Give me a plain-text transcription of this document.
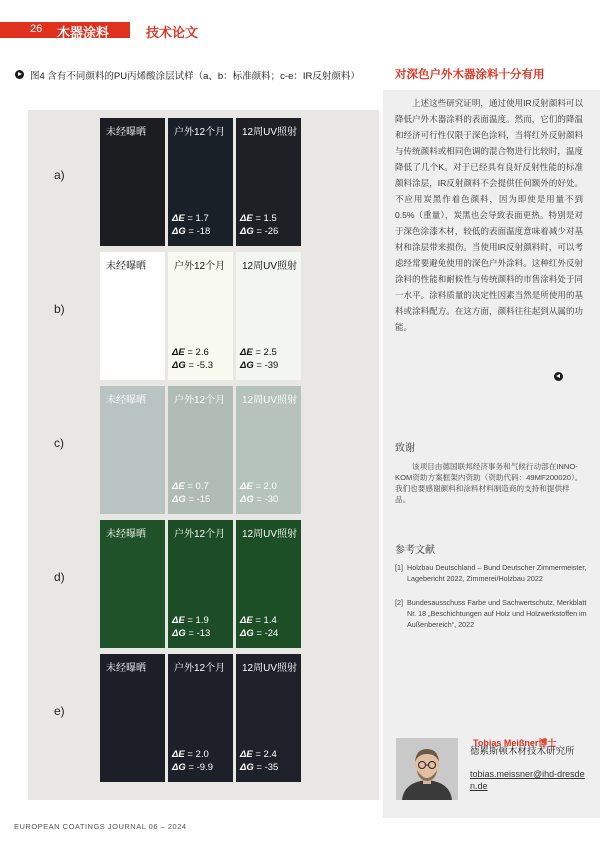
26 木器涂料	技术论文
图4 含有不同颜料的PU丙烯酸涂层试样（a、b：标准颜料；c-e：IR反射颜料）
a)
未经曝晒	户外12个月
ΔE = 1.7
ΔG = -18
12周UV照射
ΔE = 1.5
ΔG = -26
b)
未经曝晒	户外12个月
ΔE = 2.6
ΔG = -5.3
12周UV照射
ΔE = 2.5
ΔG = -39
c)
未经曝晒	户外12个月
ΔE = 0.7
ΔG = -15
12周UV照射
ΔE = 2.0
ΔG = -30
d)
未经曝晒	户外12个月
ΔE = 1.9
ΔG = -13
12周UV照射
ΔE = 1.4
ΔG = -24
e)
未经曝晒	户外12个月
ΔE = 2.0
ΔG = -9.9
12周UV照射
ΔE = 2.4
ΔG = -35
对深色户外木器涂料十分有用
上述这些研究证明，通过使用IR反射颜料可以降低户外木器涂料的表面温度。然而，它们的降温和经济可行性仅限于深色涂料，当将红外反射颜料与传统颜料或相同色调的混合物进行比较时，温度降低了几个K。对于已经具有良好反射性能的标准颜料涂层，IR反射颜料不会提供任何额外的好处。不应用炭黑作着色颜料，因为即使是用量不到0.5%（重量），炭黑也会导致表面更热。特别是对于深色涂漆木材，较低的表面温度意味着减少对基材和涂层带来损伤。当使用IR反射颜料时，可以考虑经常要避免使用的深色户外涂料。这种红外反射涂料的性能和耐候性与传统颜料的市售涂料处于同一水平。涂料质量的决定性因素当然是所使用的基料或涂料配方。在这方面，颜料往往起到从属的功能。
致谢
该项目由德国联邦经济事务和气候行动部在INNO-KOM资助方案框架内资助（资助代码：49MF200020）。我们也要感谢颜料和涂料材料制造商的支持和提供样品。
参考文献
[1] Holzbau Deutschland – Bund Deutscher Zimmermeister, Lagebericht 2022, Zimmerei/Holzbau 2022
[2] Bundesausschuss Farbe und Sachwertschutz, Merkblatt Nr. 18 „Beschichtungen auf Holz und Holzwerkstoffen im Außenbereich“, 2022
Tobias Meißner博士
德累斯顿木材技术研究所
tobias.meissner@ihd-dresden.de
EUROPEAN COATINGS JOURNAL 06 – 2024
